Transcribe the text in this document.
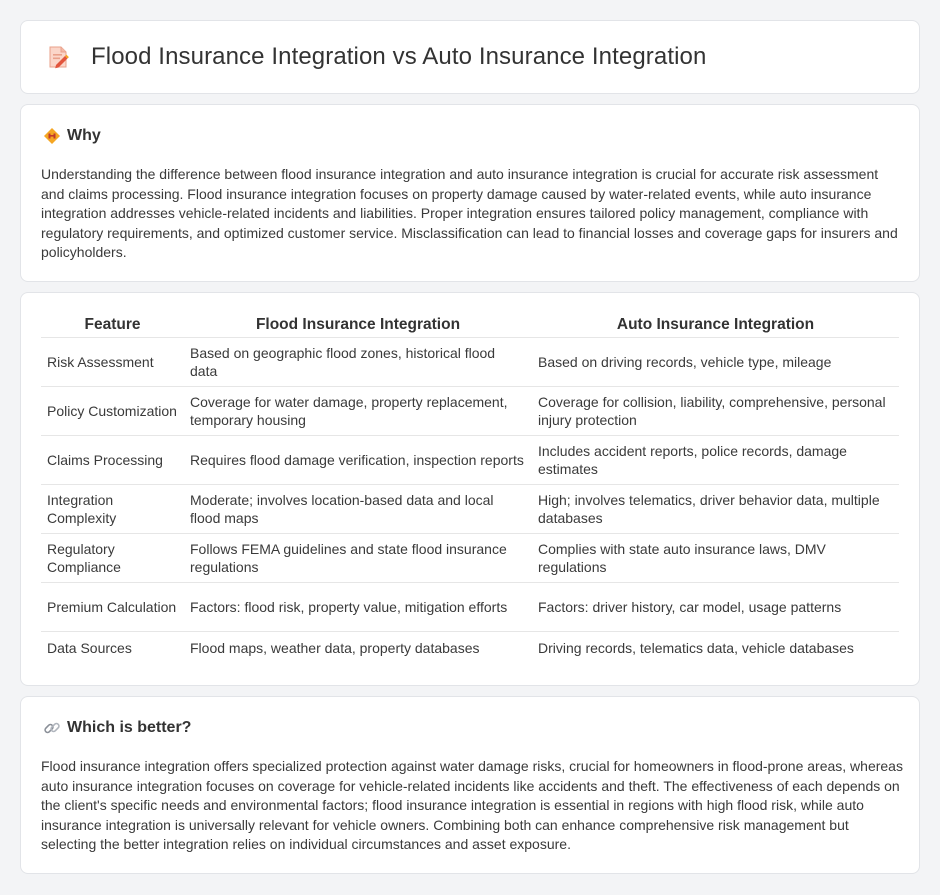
Flood Insurance Integration vs Auto Insurance Integration
Why

Understanding the difference between flood insurance integration and auto insurance integration is crucial for accurate risk assessment and claims processing. Flood insurance integration focuses on property damage caused by water-related events, while auto insurance integration addresses vehicle-related incidents and liabilities. Proper integration ensures tailored policy management, compliance with regulatory requirements, and optimized customer service. Misclassification can lead to financial losses and coverage gaps for insurers and policyholders.

Feature	Flood Insurance Integration	Auto Insurance Integration
Risk Assessment	Based on geographic flood zones, historical flood data	Based on driving records, vehicle type, mileage
Policy Customization	Coverage for water damage, property replacement, temporary housing	Coverage for collision, liability, comprehensive, personal injury protection
Claims Processing	Requires flood damage verification, inspection reports	Includes accident reports, police records, damage estimates
Integration Complexity	Moderate; involves location-based data and local flood maps	High; involves telematics, driver behavior data, multiple databases
Regulatory Compliance	Follows FEMA guidelines and state flood insurance regulations	Complies with state auto insurance laws, DMV regulations
Premium Calculation	Factors: flood risk, property value, mitigation efforts	Factors: driver history, car model, usage patterns
Data Sources	Flood maps, weather data, property databases	Driving records, telematics data, vehicle databases
Which is better?

Flood insurance integration offers specialized protection against water damage risks, crucial for homeowners in flood-prone areas, whereas auto insurance integration focuses on coverage for vehicle-related incidents like accidents and theft. The effectiveness of each depends on the client's specific needs and environmental factors; flood insurance integration is essential in regions with high flood risk, while auto insurance integration is universally relevant for vehicle owners. Combining both can enhance comprehensive risk management but selecting the better integration relies on individual circumstances and asset exposure.
